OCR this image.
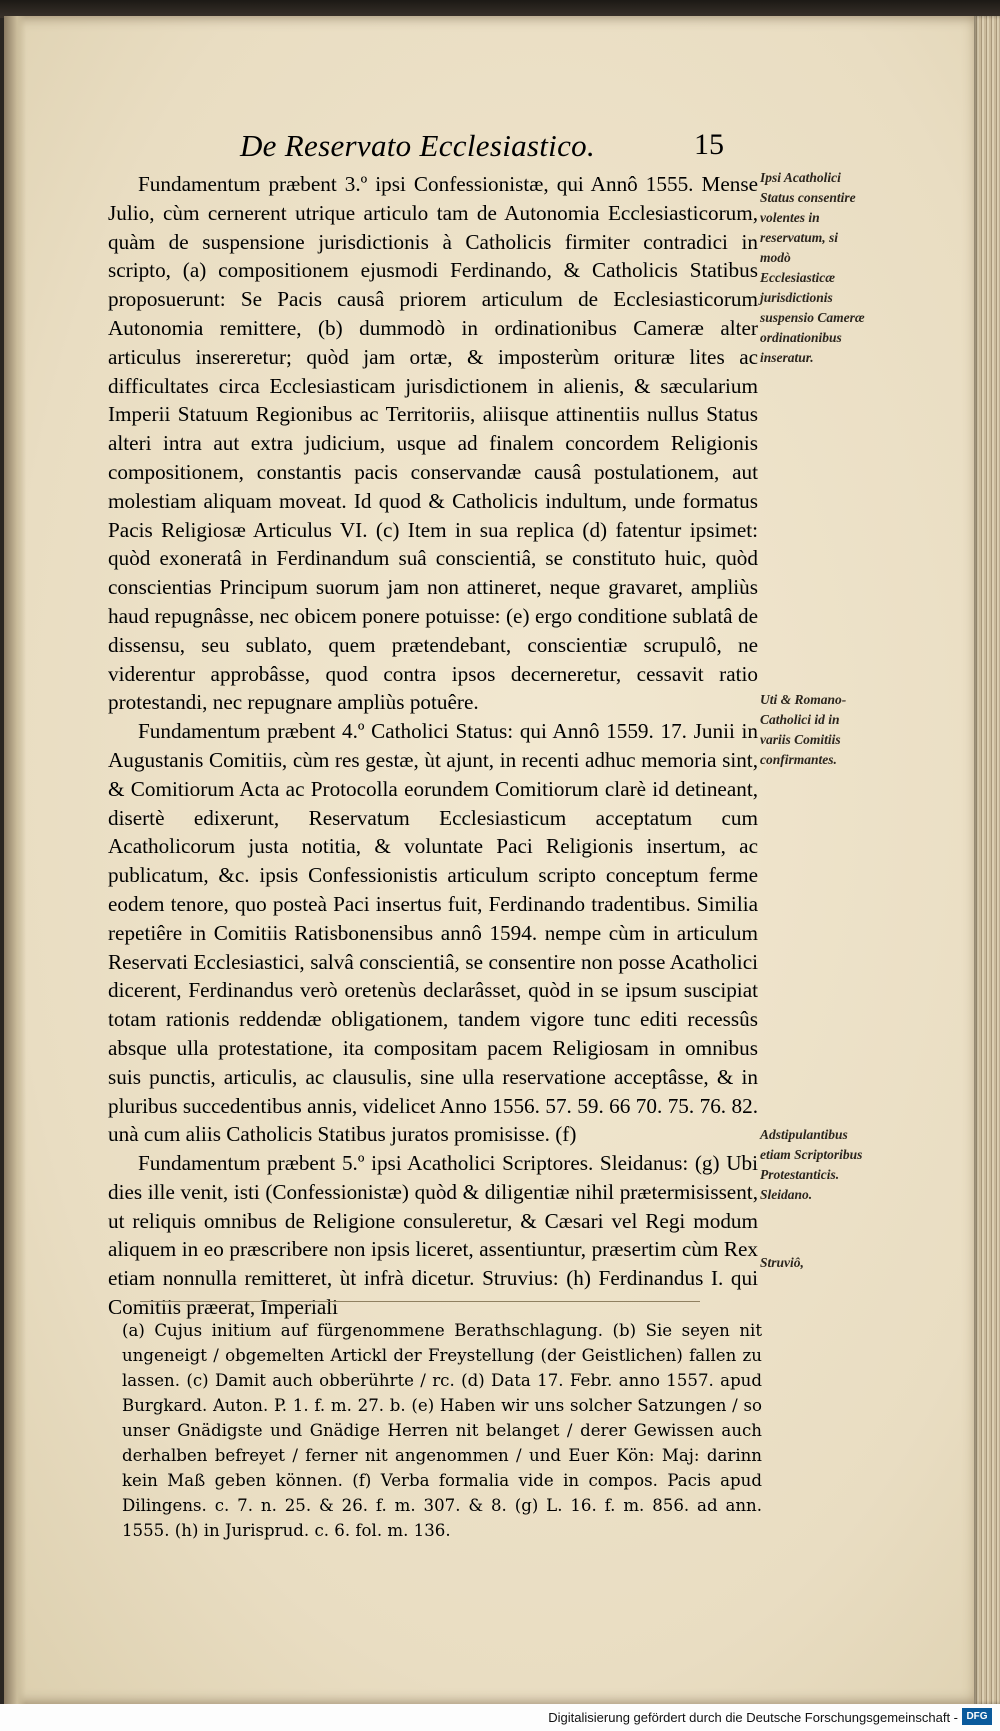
De Reservato Ecclesiastico.	15

Fundamentum præbent 3.º ipsi Confessionistæ, qui Annô 1555. Mense Julio, cùm cernerent utrique articulo tam de Autonomia Ecclesiasticorum, quàm de suspensione jurisdictionis à Catholicis firmiter contradici in scripto, (a) compositionem ejusmodi Ferdinando, & Catholicis Statibus proposuerunt: Se Pacis causâ priorem articulum de Ecclesiasticorum Autonomia remittere, (b) dummodò in ordinationibus Cameræ alter articulus insereretur; quòd jam ortæ, & imposterùm orituræ lites ac difficultates circa Ecclesiasticam jurisdictionem in alienis, & sæcularium Imperii Statuum Regionibus ac Territoriis, aliisque attinentiis nullus Status alteri intra aut extra judicium, usque ad finalem concordem Religionis compositionem, constantis pacis conservandæ causâ postulationem, aut molestiam aliquam moveat. Id quod & Catholicis indultum, unde formatus Pacis Religiosæ Articulus VI. (c) Item in sua replica (d) fatentur ipsimet: quòd exoneratâ in Ferdinandum suâ conscientiâ, se constituto huic, quòd conscientias Principum suorum jam non attineret, neque gravaret, ampliùs haud repugnâsse, nec obicem ponere potuisse: (e) ergo conditione sublatâ de dissensu, seu sublato, quem prætendebant, conscientiæ scrupulô, ne viderentur approbâsse, quod contra ipsos decerneretur, cessavit ratio protestandi, nec repugnare ampliùs potuêre.

Fundamentum præbent 4.º Catholici Status: qui Annô 1559. 17. Junii in Augustanis Comitiis, cùm res gestæ, ùt ajunt, in recenti adhuc memoria sint, & Comitiorum Acta ac Protocolla eorundem Comitiorum clarè id detineant, disertè edixerunt, Reservatum Ecclesiasticum acceptatum cum Acatholicorum justa notitia, & voluntate Paci Religionis insertum, ac publicatum, &c. ipsis Confessionistis articulum scripto conceptum ferme eodem tenore, quo posteà Paci insertus fuit, Ferdinando tradentibus. Similia repetiêre in Comitiis Ratisbonensibus annô 1594. nempe cùm in articulum Reservati Ecclesiastici, salvâ conscientiâ, se consentire non posse Acatholici dicerent, Ferdinandus verò oretenùs declarâsset, quòd in se ipsum suscipiat totam rationis reddendæ obligationem, tandem vigore tunc editi recessûs absque ulla protestatione, ita compositam pacem Religiosam in omnibus suis punctis, articulis, ac clausulis, sine ulla reservatione acceptâsse, & in pluribus succedentibus annis, videlicet Anno 1556. 57. 59. 66 70. 75. 76. 82. unà cum aliis Catholicis Statibus juratos promisisse. (f)

Fundamentum præbent 5.º ipsi Acatholici Scriptores. Sleidanus: (g) Ubi dies ille venit, isti (Confessionistæ) quòd & diligentiæ nihil prætermisissent, ut reliquis omnibus de Religione consuleretur, & Cæsari vel Regi modum aliquem in eo præscribere non ipsis liceret, assentiuntur, præsertim cùm Rex etiam nonnulla remitteret, ùt infrà dicetur. Struvius: (h) Ferdinandus I. qui Comitiis præerat, Imperiali

Ipsi Acatholici Status consentire volentes in reservatum, si modò Ecclesiasticæ jurisdictionis suspensio Cameræ ordinationibus inseratur.
Uti & Romano-Catholici id in variis Comitiis confirmantes.
Adstipulantibus etiam Scriptoribus Protestanticis. Sleidano.
Struviô,
(a) Cujus initium auf fürgenommene Berathschlagung. (b) Sie seyen nit ungeneigt / obgemelten Artickl der Freystellung (der Geistlichen) fallen zu lassen. (c) Damit auch obberührte / rc. (d) Data 17. Febr. anno 1557. apud Burgkard. Auton. P. 1. f. m. 27. b. (e) Haben wir uns solcher Satzungen / so unser Gnädigste und Gnädige Herren nit belanget / derer Gewissen auch derhalben befreyet / ferner nit angenommen / und Euer Kön: Maj: darinn kein Maß geben können. (f) Verba formalia vide in compos. Pacis apud Dilingens. c. 7. n. 25. & 26. f. m. 307. & 8. (g) L. 16. f. m. 856. ad ann. 1555. (h) in Jurisprud. c. 6. fol. m. 136.
Digitalisierung gefördert durch die Deutsche Forschungsgemeinschaft - DFG
